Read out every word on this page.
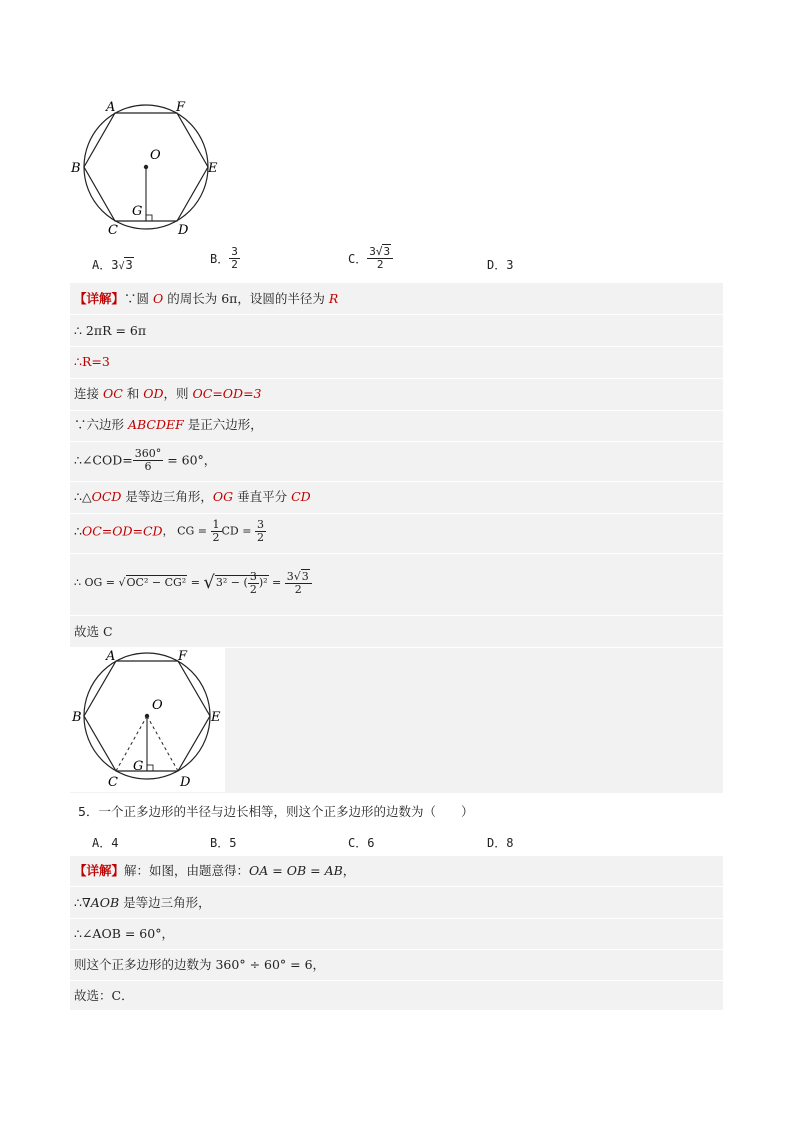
A	F
O
B	E
G
C	D
A．3√3	B． $\frac{3}{2}$	C． $\frac{3√3}{2}$	D．3
【详解】∵圆 O 的周长为 6π，设圆的半径为 R
∴ 2πR = 6π
∴R=3
连接 OC 和 OD，则 OC=OD=3
∵六边形 ABCDEF 是正六边形，
∴∠COD= $\frac{360^\circ}{6} = 60^\circ$，
∴△OCD 是等边三角形，OG 垂直平分 CD
∴OC=OD=CD， CG = $\frac{1}{2}$ CD = $\frac{3}{2}$
∴ OG = √OC² − CG² = √3² − ( $\frac{3}{2} )^2 = \frac{3√3}{2}$
故选 C
A	F
O
B	E
G
C	D
5．一个正多边形的半径与边长相等，则这个正多边形的边数为（　　）
A．4	B．5	C．6	D．8
【详解】解：如图，由题意得：OA = OB = AB，
∴∇AOB 是等边三角形，
∴∠AOB = 60°，
则这个正多边形的边数为 360° ÷ 60° = 6，
故选：C．
